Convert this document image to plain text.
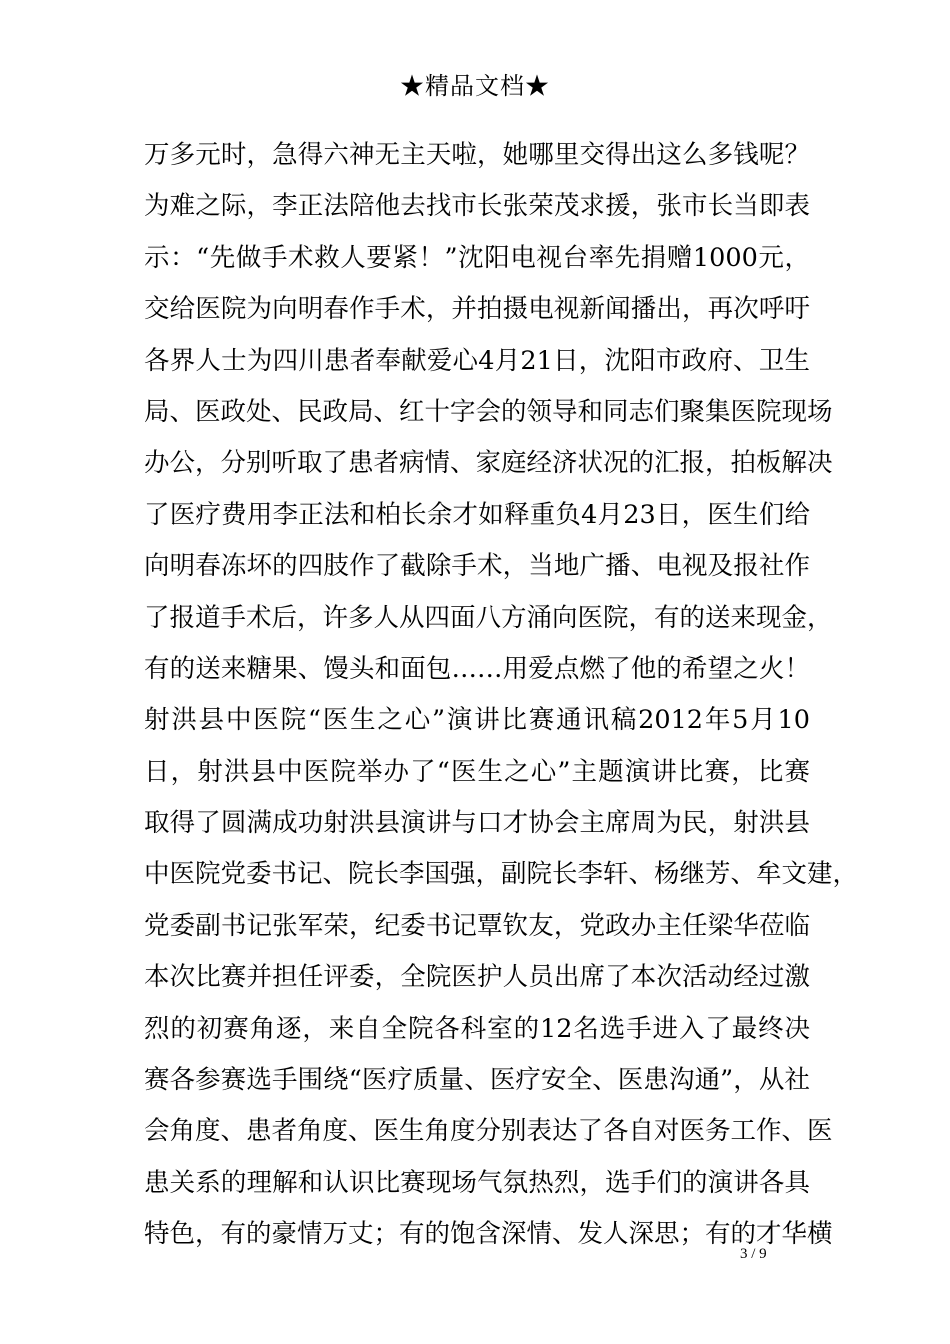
★精品文档★
万多元时，急得六神无主天啦，她哪里交得出这么多钱呢？
为难之际，李正法陪他去找市长张荣茂求援，张市长当即表
示：“先做手术救人要紧！”沈阳电视台率先捐赠1000元，
交给医院为向明春作手术，并拍摄电视新闻播出，再次呼吁
各界人士为四川患者奉献爱心4月21日，沈阳市政府、卫生
局、医政处、民政局、红十字会的领导和同志们聚集医院现场
办公，分别听取了患者病情、家庭经济状况的汇报，拍板解决
了医疗费用李正法和柏长余才如释重负4月23日，医生们给
向明春冻坏的四肢作了截除手术，当地广播、电视及报社作
了报道手术后，许多人从四面八方涌向医院，有的送来现金，
有的送来糖果、馒头和面包……用爱点燃了他的希望之火！
射洪县中医院“医生之心”演讲比赛通讯稿2012年5月10
日，射洪县中医院举办了“医生之心”主题演讲比赛，比赛
取得了圆满成功射洪县演讲与口才协会主席周为民，射洪县
中医院党委书记、院长李国强，副院长李轩、杨继芳、牟文建，
党委副书记张军荣，纪委书记覃钦友，党政办主任梁华莅临
本次比赛并担任评委，全院医护人员出席了本次活动经过激
烈的初赛角逐，来自全院各科室的12名选手进入了最终决
赛各参赛选手围绕“医疗质量、医疗安全、医患沟通”，从社
会角度、患者角度、医生角度分别表达了各自对医务工作、医
患关系的理解和认识比赛现场气氛热烈，选手们的演讲各具
特色，有的豪情万丈；有的饱含深情、发人深思；有的才华横
3 / 9
